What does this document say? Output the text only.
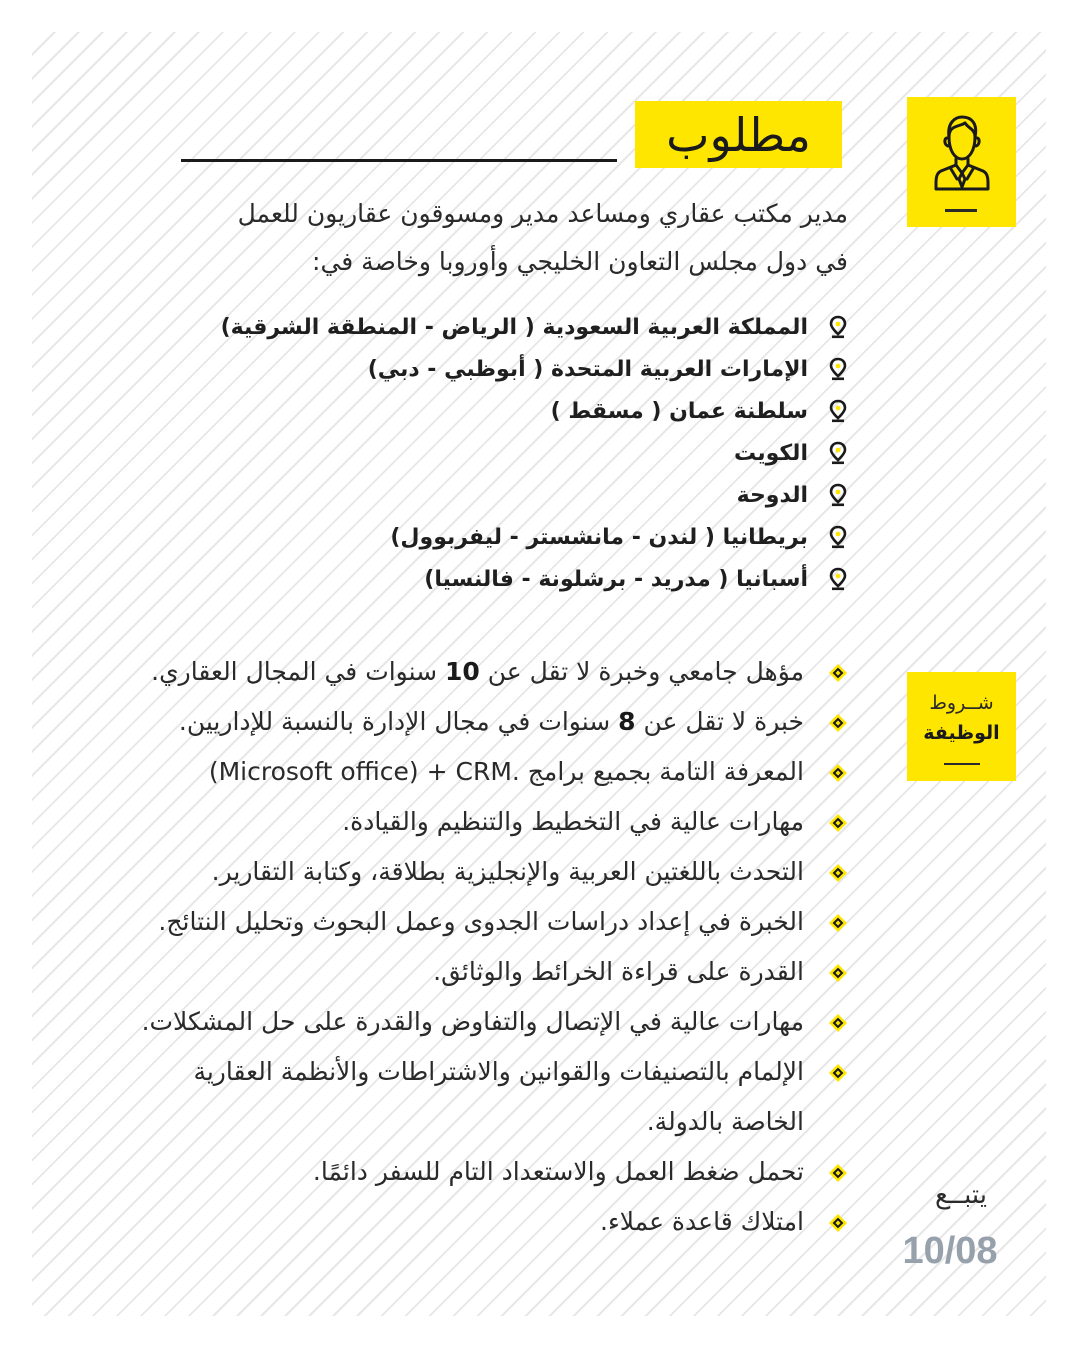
مطلوب
مدير مكتب عقاري ومساعد مدير ومسوقون عقاريون للعمل
في دول مجلس التعاون الخليجي وأوروبا وخاصة في:
المملكة العربية السعودية ( الرياض - المنطقة الشرقية)
الإمارات العربية المتحدة ( أبوظبي - دبي)
سلطنة عمان ( مسقط )
الكويت
الدوحة
بريطانيا ( لندن - مانشستر - ليفربوول)
أسبانيا ( مدريد - برشلونة - فالنسيا)
شــروط
الوظيفة
مؤهل جامعي وخبرة لا تقل عن 10 سنوات في المجال العقاري.
خبرة لا تقل عن 8 سنوات في مجال الإدارة بالنسبة للإداريين.
المعرفة التامة بجميع برامج (Microsoft office) + CRM.
مهارات عالية في التخطيط والتنظيم والقيادة.
التحدث باللغتين العربية والإنجليزية بطلاقة، وكتابة التقارير.
الخبرة في إعداد دراسات الجدوى وعمل البحوث وتحليل النتائج.
القدرة على قراءة الخرائط والوثائق.
مهارات عالية في الإتصال والتفاوض والقدرة على حل المشكلات.
الإلمام بالتصنيفات والقوانين والاشتراطات والأنظمة العقارية الخاصة بالدولة.
تحمل ضغط العمل والاستعداد التام للسفر دائمًا.
امتلاك قاعدة عملاء.
يتبــع
10/08
